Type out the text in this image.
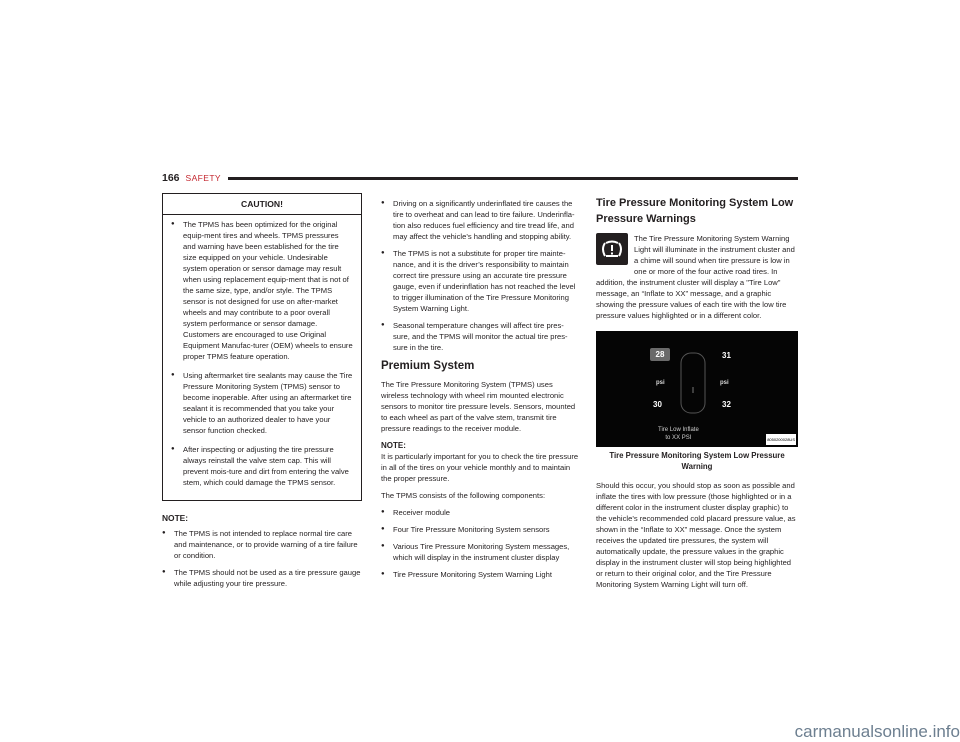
166 SAFETY
CAUTION!
● The TPMS has been optimized for the original equip-ment tires and wheels. TPMS pressures and warning have been established for the tire size equipped on your vehicle. Undesirable system operation or sensor damage may result when using replacement equip-ment that is not of the same size, type, and/or style. The TPMS sensor is not designed for use on after-market wheels and may contribute to a poor overall system performance or sensor damage. Customers are encouraged to use Original Equipment Manufac-turer (OEM) wheels to ensure proper TPMS feature operation.
● Using aftermarket tire sealants may cause the Tire Pressure Monitoring System (TPMS) sensor to become inoperable. After using an aftermarket tire sealant it is recommended that you take your vehicle to an authorized dealer to have your sensor function checked.
● After inspecting or adjusting the tire pressure always reinstall the valve stem cap. This will prevent mois-ture and dirt from entering the valve stem, which could damage the TPMS sensor.
NOTE:
● The TPMS is not intended to replace normal tire care and maintenance, or to provide warning of a tire failure or condition.
● The TPMS should not be used as a tire pressure gauge while adjusting your tire pressure.
● Driving on a significantly underinflated tire causes the tire to overheat and can lead to tire failure. Underinfla-tion also reduces fuel efficiency and tire tread life, and may affect the vehicle’s handling and stopping ability.
● The TPMS is not a substitute for proper tire mainte-nance, and it is the driver’s responsibility to maintain correct tire pressure using an accurate tire pressure gauge, even if underinflation has not reached the level to trigger illumination of the Tire Pressure Monitoring System Warning Light.
● Seasonal temperature changes will affect tire pres-sure, and the TPMS will monitor the actual tire pres-sure in the tire.
Premium System

The Tire Pressure Monitoring System (TPMS) uses wireless technology with wheel rim mounted electronic sensors to monitor tire pressure levels. Sensors, mounted to each wheel as part of the valve stem, transmit tire pressure readings to the receiver module.

NOTE:

It is particularly important for you to check the tire pressure in all of the tires on your vehicle monthly and to maintain the proper pressure.

The TPMS consists of the following components:

● Receiver module
● Four Tire Pressure Monitoring System sensors
● Various Tire Pressure Monitoring System messages, which will display in the instrument cluster display
● Tire Pressure Monitoring System Warning Light
Tire Pressure Monitoring System Low
Pressure Warnings

The Tire Pressure Monitoring System Warning Light will illuminate in the instrument cluster and a chime will sound when tire pressure is low in one or more of the four active road tires. In addition, the instrument cluster will display a "Tire Low" message, an “Inflate to XX” message, and a graphic showing the pressure values of each tire with the low tire pressure values highlighted or in a different color.

28	31
psi	psi
30	32
Tire Low Inflate
to XX PSI	8050200028US
Tire Pressure Monitoring System Low Pressure Warning

Should this occur, you should stop as soon as possible and inflate the tires with low pressure (those highlighted or in a different color in the instrument cluster display graphic) to the vehicle’s recommended cold placard pressure value, as shown in the “Inflate to XX” message. Once the system receives the updated tire pressures, the system will automatically update, the pressure values in the graphic display in the instrument cluster will stop being highlighted or return to their original color, and the Tire Pressure Monitoring System Warning Light will turn off.

carmanualsonline.info
